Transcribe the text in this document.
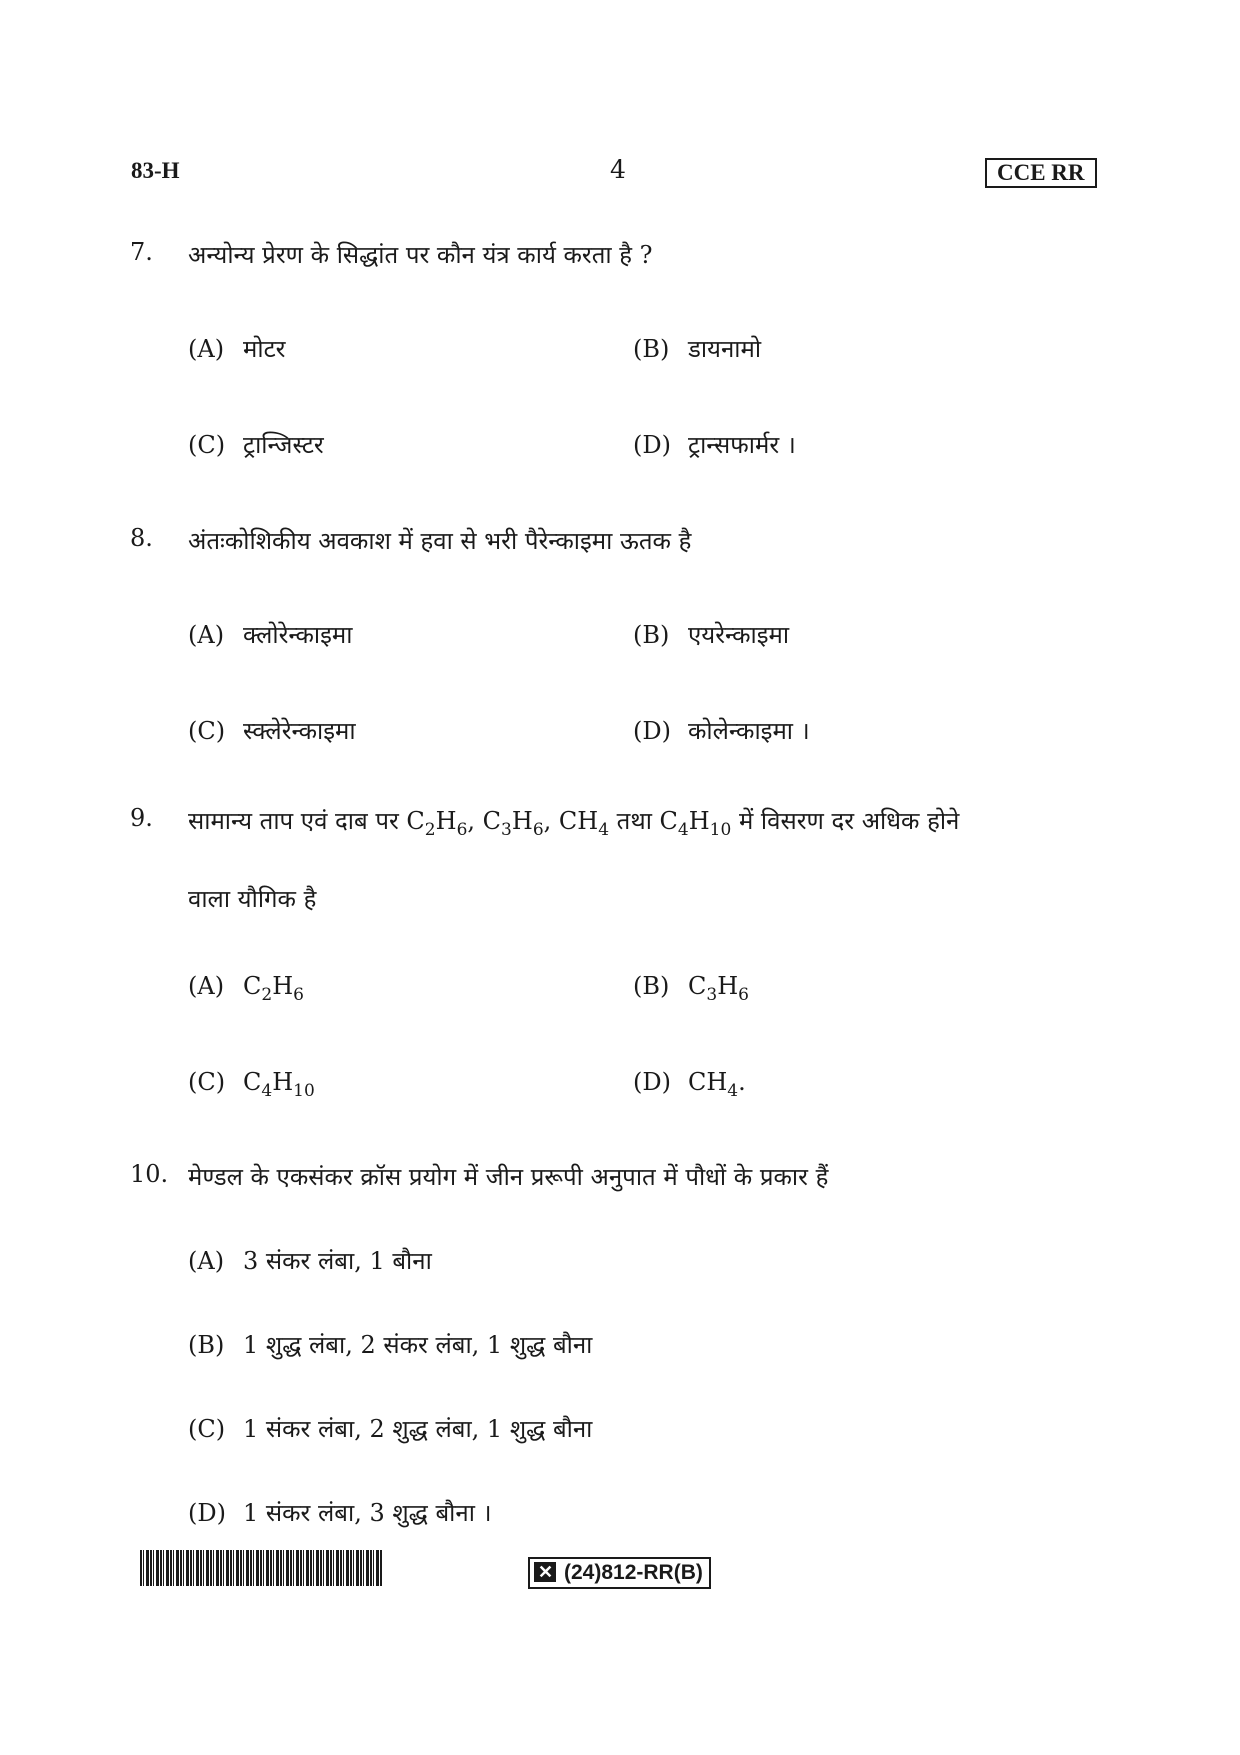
83-H	4	CCE RR
7. अन्योन्य प्रेरण के सिद्धांत पर कौन यंत्र कार्य करता है ?
(A) मोटर	(B) डायनामो
(C) ट्रान्जिस्टर	(D) ट्रान्सफार्मर ।
8. अंतःकोशिकीय अवकाश में हवा से भरी पैरेन्काइमा ऊतक है
(A) क्लोरेन्काइमा	(B) एयरेन्काइमा
(C) स्क्लेरेन्काइमा	(D) कोलेन्काइमा ।
9. सामान्य ताप एवं दाब पर $C_2H_6$, $C_3H_6$, $CH_4$ तथा $C_4H_{10}$ में विसरण दर अधिक होने
वाला यौगिक है
(A) $C_2H_6$	(B) $C_3H_6$
(C) $C_4H_{10}$	(D) $CH_4$.
10. मेण्डल के एकसंकर क्रॉस प्रयोग में जीन प्ररूपी अनुपात में पौधों के प्रकार हैं
(A) 3 संकर लंबा, 1 बौना
(B) 1 शुद्ध लंबा, 2 संकर लंबा, 1 शुद्ध बौना
(C) 1 संकर लंबा, 2 शुद्ध लंबा, 1 शुद्ध बौना
(D) 1 संकर लंबा, 3 शुद्ध बौना ।
✕
(24)812-RR(B)
